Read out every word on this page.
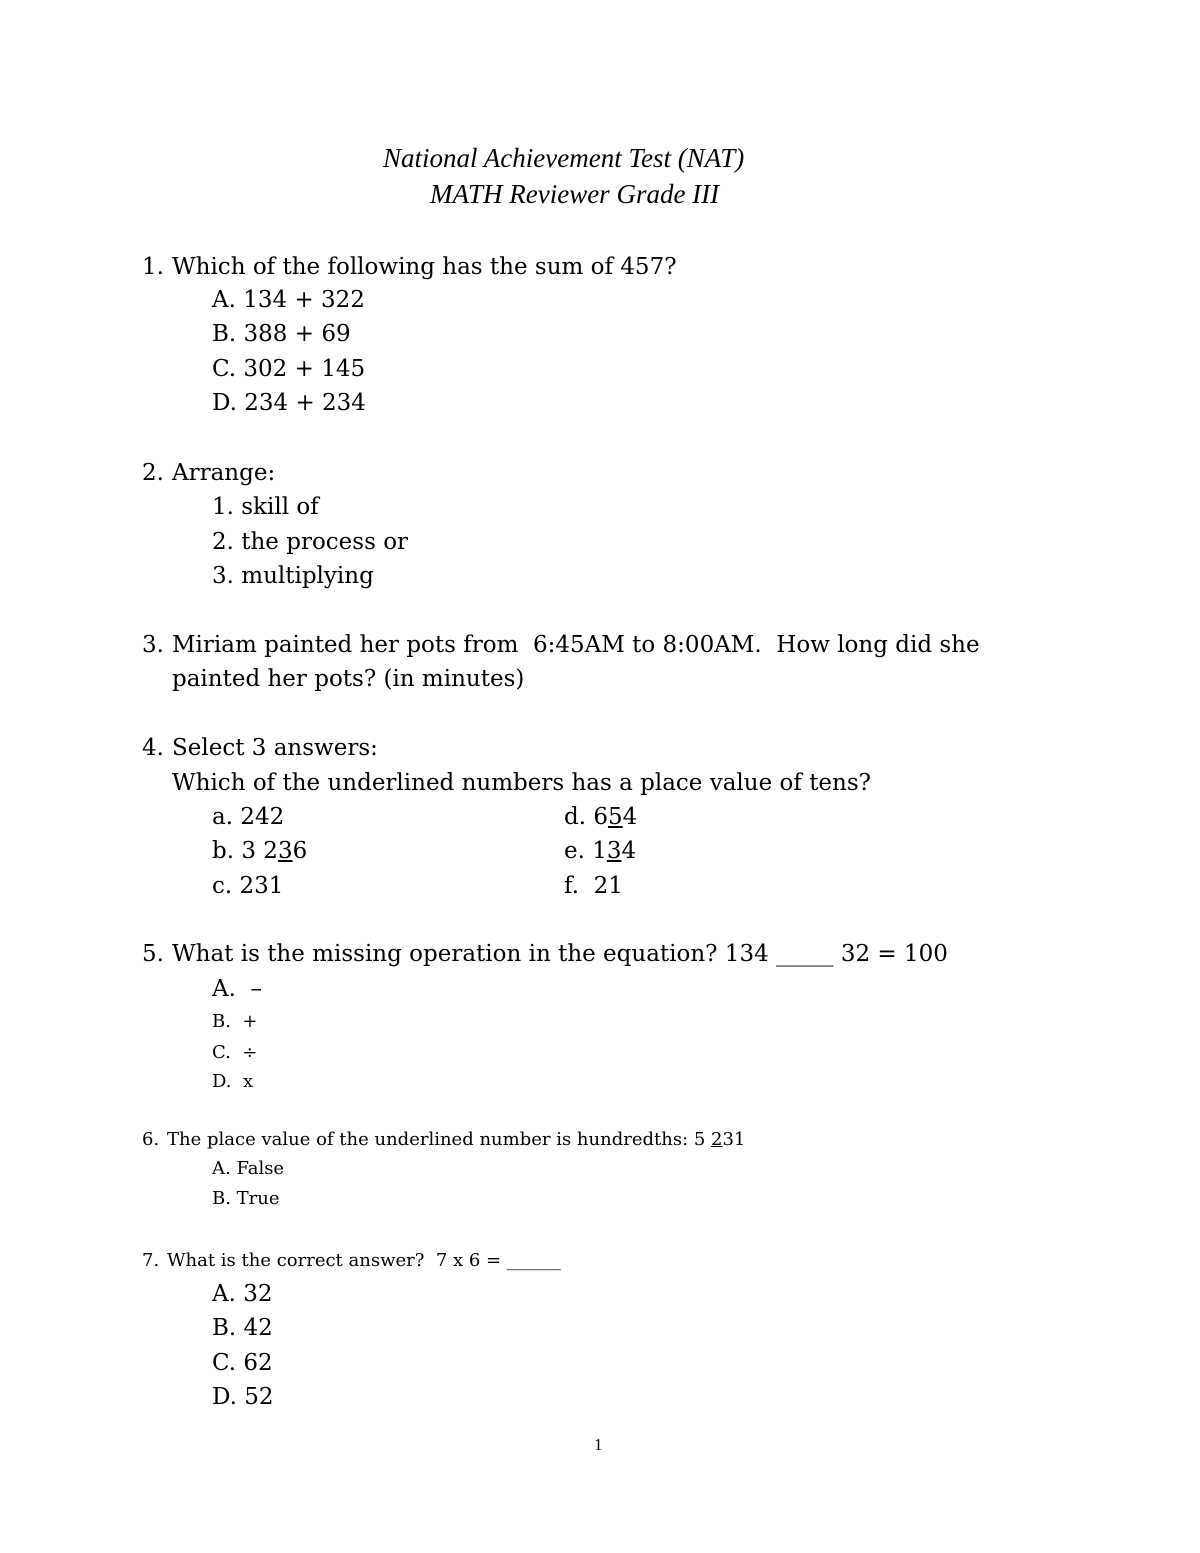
National Achievement Test (NAT)
MATH Reviewer Grade III
1. Which of the following has the sum of 457?
A. 134 + 322
B. 388 + 69
C. 302 + 145
D. 234 + 234
2. Arrange:
1. skill of
2. the process or
3. multiplying
3. Miriam painted her pots from  6:45AM to 8:00AM.  How long did she
painted her pots? (in minutes)
4. Select 3 answers:
Which of the underlined numbers has a place value of tens?
a. 242
b. 3 236
c. 231
d. 654
e. 134
f.  21
5. What is the missing operation in the equation? 134 _____ 32 = 100
A.  –
B.  +
C.  ÷
D.  x
6. The place value of the underlined number is hundredths: 5 231
A. False
B. True
7. What is the correct answer?  7 x 6 = ______
A. 32
B. 42
C. 62
D. 52
1
